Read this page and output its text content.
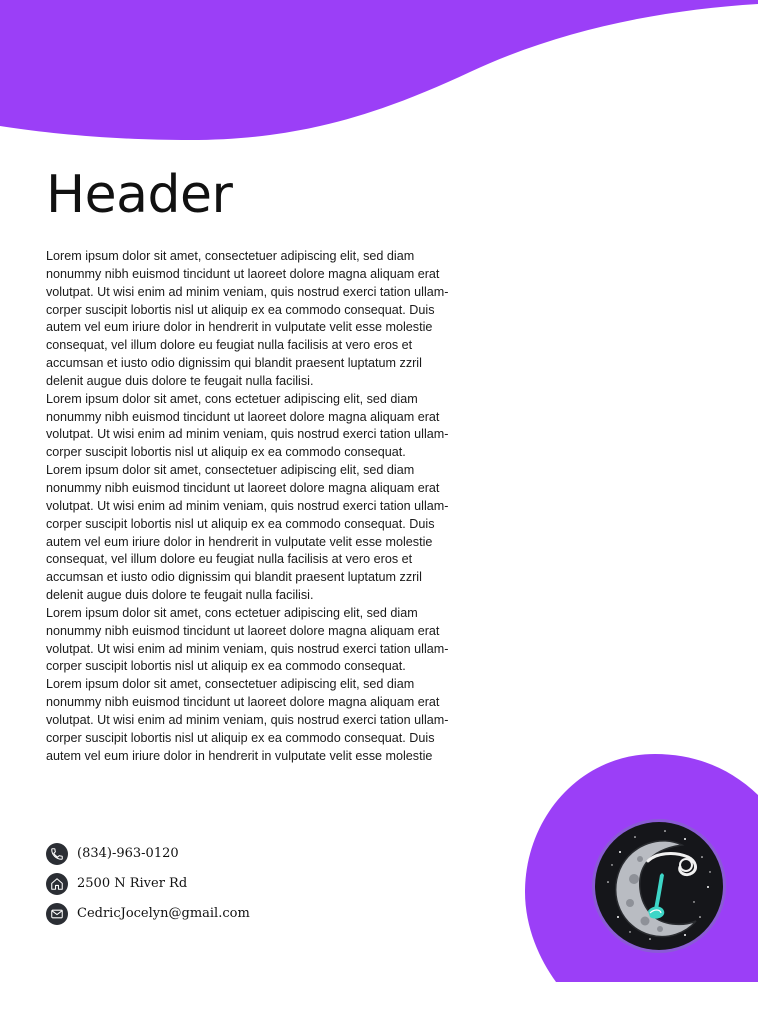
Header

Lorem ipsum dolor sit amet, consectetuer adipiscing elit, sed diam
nonummy nibh euismod tincidunt ut laoreet dolore magna aliquam erat
volutpat. Ut wisi enim ad minim veniam, quis nostrud exerci tation ullam-
corper suscipit lobortis nisl ut aliquip ex ea commodo consequat. Duis
autem vel eum iriure dolor in hendrerit in vulputate velit esse molestie
consequat, vel illum dolore eu feugiat nulla facilisis at vero eros et
accumsan et iusto odio dignissim qui blandit praesent luptatum zzril
delenit augue duis dolore te feugait nulla facilisi.

Lorem ipsum dolor sit amet, cons ectetuer adipiscing elit, sed diam
nonummy nibh euismod tincidunt ut laoreet dolore magna aliquam erat
volutpat. Ut wisi enim ad minim veniam, quis nostrud exerci tation ullam-
corper suscipit lobortis nisl ut aliquip ex ea commodo consequat.

Lorem ipsum dolor sit amet, consectetuer adipiscing elit, sed diam
nonummy nibh euismod tincidunt ut laoreet dolore magna aliquam erat
volutpat. Ut wisi enim ad minim veniam, quis nostrud exerci tation ullam-
corper suscipit lobortis nisl ut aliquip ex ea commodo consequat. Duis
autem vel eum iriure dolor in hendrerit in vulputate velit esse molestie
consequat, vel illum dolore eu feugiat nulla facilisis at vero eros et
accumsan et iusto odio dignissim qui blandit praesent luptatum zzril
delenit augue duis dolore te feugait nulla facilisi.

Lorem ipsum dolor sit amet, cons ectetuer adipiscing elit, sed diam
nonummy nibh euismod tincidunt ut laoreet dolore magna aliquam erat
volutpat. Ut wisi enim ad minim veniam, quis nostrud exerci tation ullam-
corper suscipit lobortis nisl ut aliquip ex ea commodo consequat.

Lorem ipsum dolor sit amet, consectetuer adipiscing elit, sed diam
nonummy nibh euismod tincidunt ut laoreet dolore magna aliquam erat
volutpat. Ut wisi enim ad minim veniam, quis nostrud exerci tation ullam-
corper suscipit lobortis nisl ut aliquip ex ea commodo consequat. Duis
autem vel eum iriure dolor in hendrerit in vulputate velit esse molestie

(834)-963-0120
2500 N River Rd
CedricJocelyn@gmail.com
